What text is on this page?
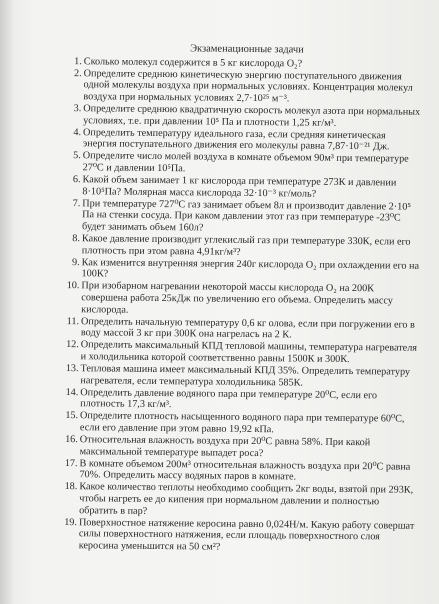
Экзаменационные задачи
1. Сколько молекул содержится в 5 кг кислорода O₂?
2. Определите среднюю кинетическую энергию поступательного движения одной молекулы воздуха при нормальных условиях. Концентрация молекул воздуха при нормальных условиях 2,7·10²⁵ м⁻³.
3. Определите среднюю квадратичную скорость молекул азота при нормальных условиях, т.е. при давлении 10⁵ Па и плотности 1,25 кг/м³.
4. Определить температуру идеального газа, если средняя кинетическая энергия поступательного движения его молекулы равна 7,87·10⁻²¹ Дж.
5. Определите число молей воздуха в комнате объемом 90м³ при температуре 27⁰С и давлении 10⁵Па.
6. Какой объем занимает 1 кг кислорода при температуре 273К и давлении 8·10⁵Па? Молярная масса кислорода 32·10⁻³ кг/моль?
7. При температуре 727⁰С газ занимает объем 8л и производит давление 2·10⁵ Па на стенки сосуда. При каком давлении этот газ при температуре -23⁰С будет занимать объем 160л?
8. Какое давление производит углекислый газ при температуре 330К, если его плотность при этом равна 4,91кг/м³?
9. Как изменится внутренняя энергия 240г кислорода O₂ при охлаждении его на 100К?
10. При изобарном нагревании некоторой массы кислорода O₂ на 200К совершена работа 25кДж по увеличению его объема. Определить массу кислорода.
11. Определить начальную температуру 0,6 кг олова, если при погружении его в воду массой 3 кг при 300К она нагреласъ на 2 К.
12. Определить максимальный КПД тепловой машины, температура нагревателя и холодильника которой соответственно равны 1500К и 300К.
13. Тепловая машина имеет максимальный КПД 35%. Определить температуру нагревателя, если температура холодильника 585К.
14. Определить давление водяного пара при температуре 20⁰С, если его плотность 17,3 кг/м³.
15. Определите плотность насыщенного водяного пара при температуре 60⁰С, если его давление при этом равно 19,92 кПа.
16. Относительная влажность воздуха при 20⁰С равна 58%. При какой максимальной температуре выпадет роса?
17. В комнате объемом 200м³ относительная влажность воздуха при 20⁰С равна 70%. Определить массу водяных паров в комнате.
18. Какое количество теплоты необходимо сообщить 2кг воды, взятой при 293К, чтобы нагреть ее до кипения при нормальном давлении и полностью обратить в пар?
19. Поверхностное натяжение керосина равно 0,024Н/м. Какую работу совершат силы поверхностного натяжения, если площадь поверхностного слоя керосина уменьшится на 50 см²?
